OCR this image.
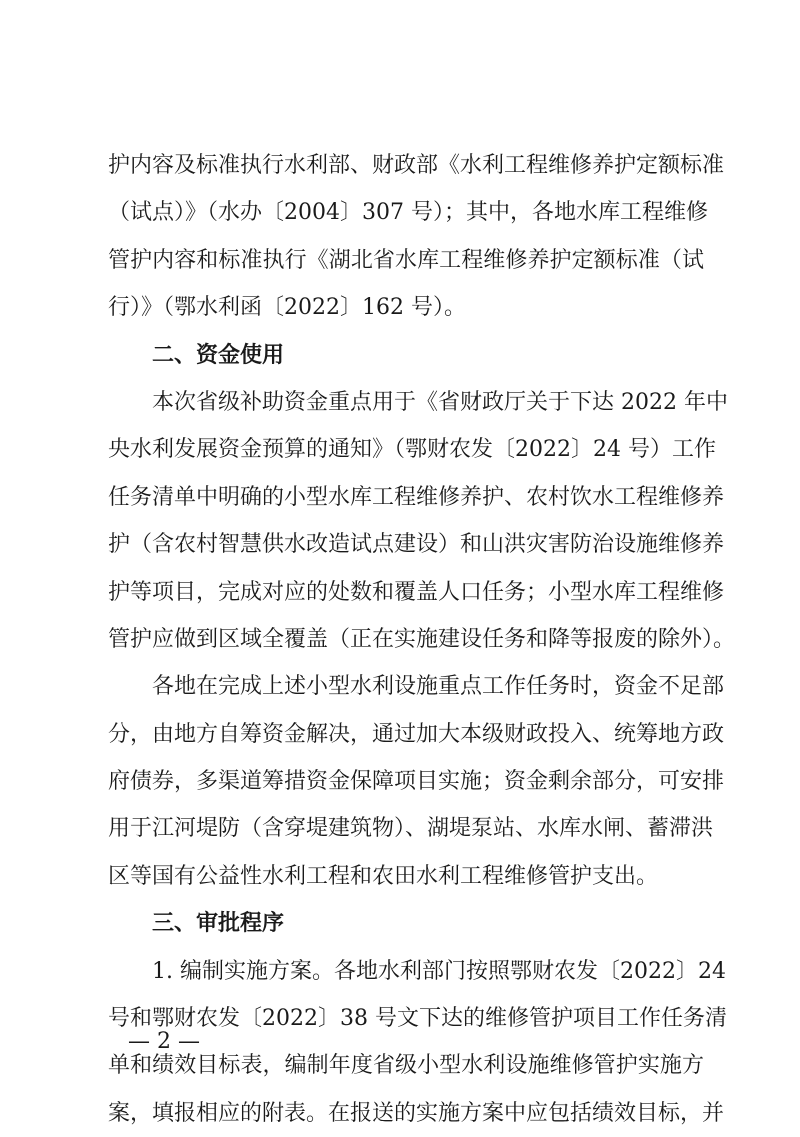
护内容及标准执行水利部、财政部《水利工程维修养护定额标准
（试点）》（水办〔2004〕307 号）；其中，各地水库工程维修
管护内容和标准执行《湖北省水库工程维修养护定额标准（试
行）》（鄂水利函〔2022〕162 号）。
二、资金使用
本次省级补助资金重点用于《省财政厅关于下达 2022 年中
央水利发展资金预算的通知》（鄂财农发〔2022〕24 号）工作
任务清单中明确的小型水库工程维修养护、农村饮水工程维修养
护（含农村智慧供水改造试点建设）和山洪灾害防治设施维修养
护等项目，完成对应的处数和覆盖人口任务；小型水库工程维修
管护应做到区域全覆盖（正在实施建设任务和降等报废的除外）。
各地在完成上述小型水利设施重点工作任务时，资金不足部
分，由地方自筹资金解决，通过加大本级财政投入、统筹地方政
府债券，多渠道筹措资金保障项目实施；资金剩余部分，可安排
用于江河堤防（含穿堤建筑物）、湖堤泵站、水库水闸、蓄滞洪
区等国有公益性水利工程和农田水利工程维修管护支出。
三、审批程序
1. 编制实施方案。各地水利部门按照鄂财农发〔2022〕24
号和鄂财农发〔2022〕38 号文下达的维修管护项目工作任务清
单和绩效目标表，编制年度省级小型水利设施维修管护实施方
案，填报相应的附表。在报送的实施方案中应包括绩效目标，并
— 2 —
